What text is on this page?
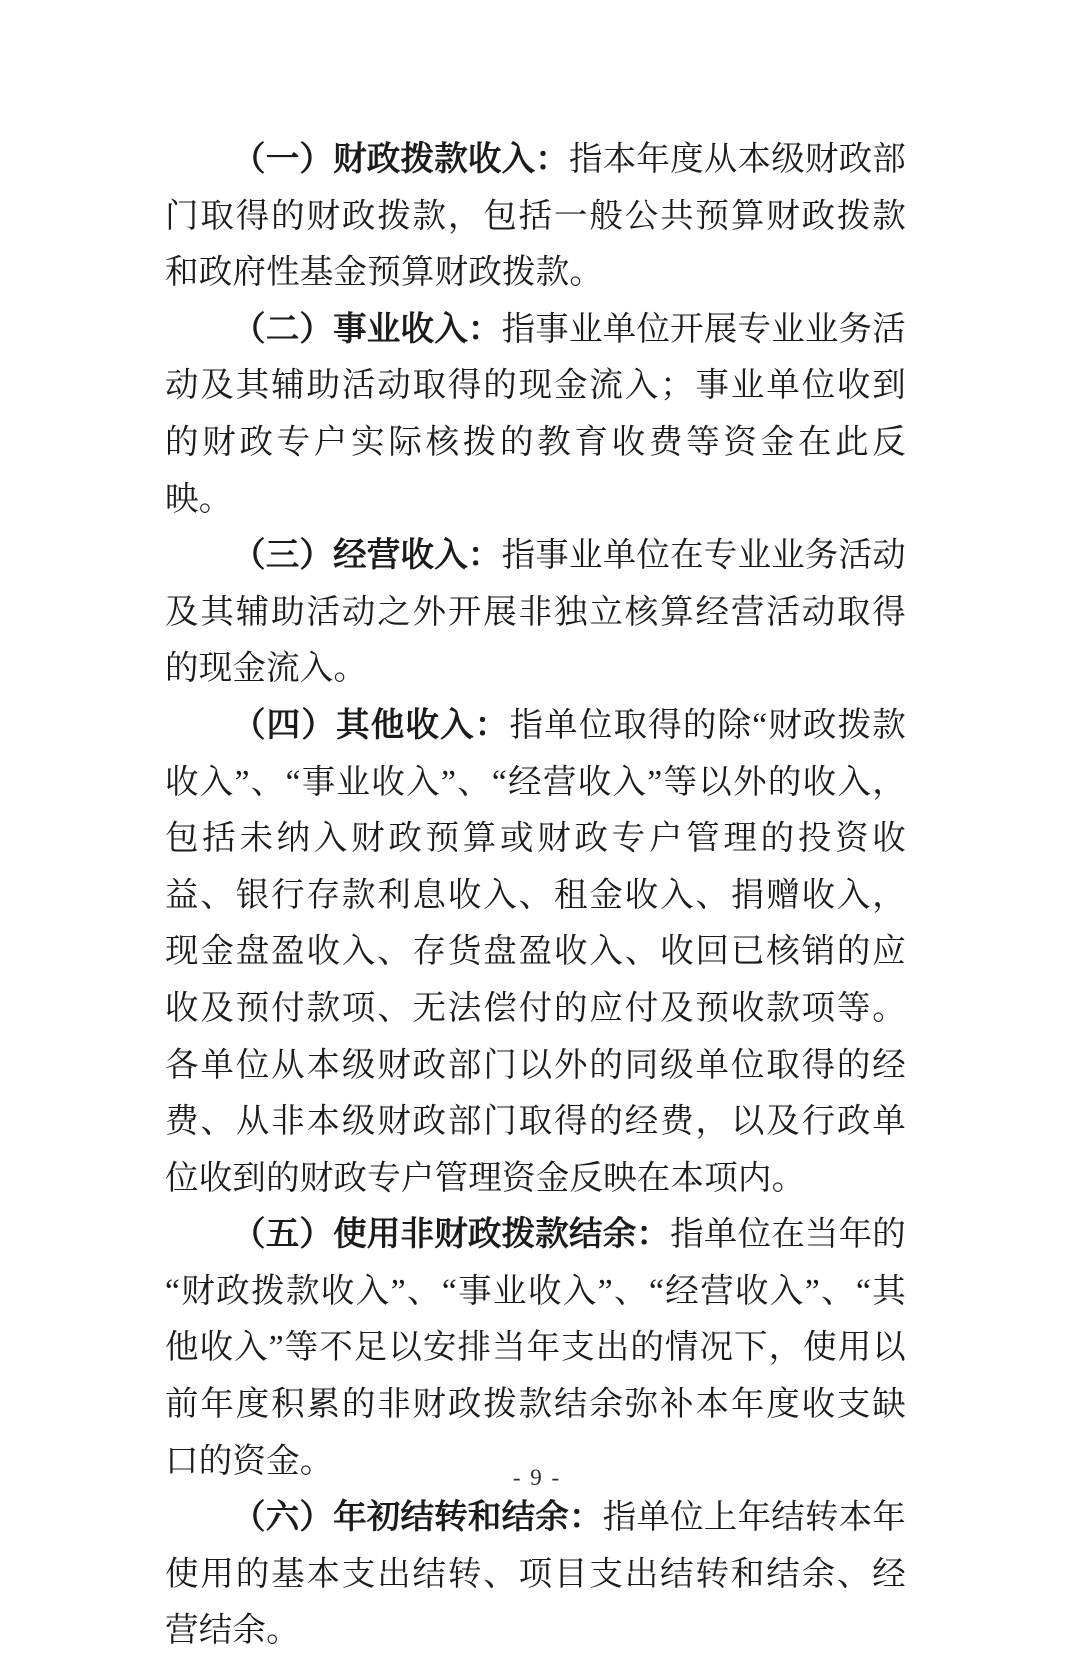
（一）财政拨款收入：指本年度从本级财政部门取得的财政拨款，包括一般公共预算财政拨款和政府性基金预算财政拨款。

（二）事业收入：指事业单位开展专业业务活动及其辅助活动取得的现金流入；事业单位收到的财政专户实际核拨的教育收费等资金在此反映。

（三）经营收入：指事业单位在专业业务活动及其辅助活动之外开展非独立核算经营活动取得的现金流入。

（四）其他收入：指单位取得的除“财政拨款收入”、“事业收入”、“经营收入”等以外的收入，包括未纳入财政预算或财政专户管理的投资收益、银行存款利息收入、租金收入、捐赠收入，现金盘盈收入、存货盘盈收入、收回已核销的应收及预付款项、无法偿付的应付及预收款项等。各单位从本级财政部门以外的同级单位取得的经费、从非本级财政部门取得的经费，以及行政单位收到的财政专户管理资金反映在本项内。

（五）使用非财政拨款结余：指单位在当年的“财政拨款收入”、“事业收入”、“经营收入”、“其他收入”等不足以安排当年支出的情况下，使用以前年度积累的非财政拨款结余弥补本年度收支缺口的资金。

（六）年初结转和结余：指单位上年结转本年使用的基本支出结转、项目支出结转和结余、经营结余。

- 9 -
